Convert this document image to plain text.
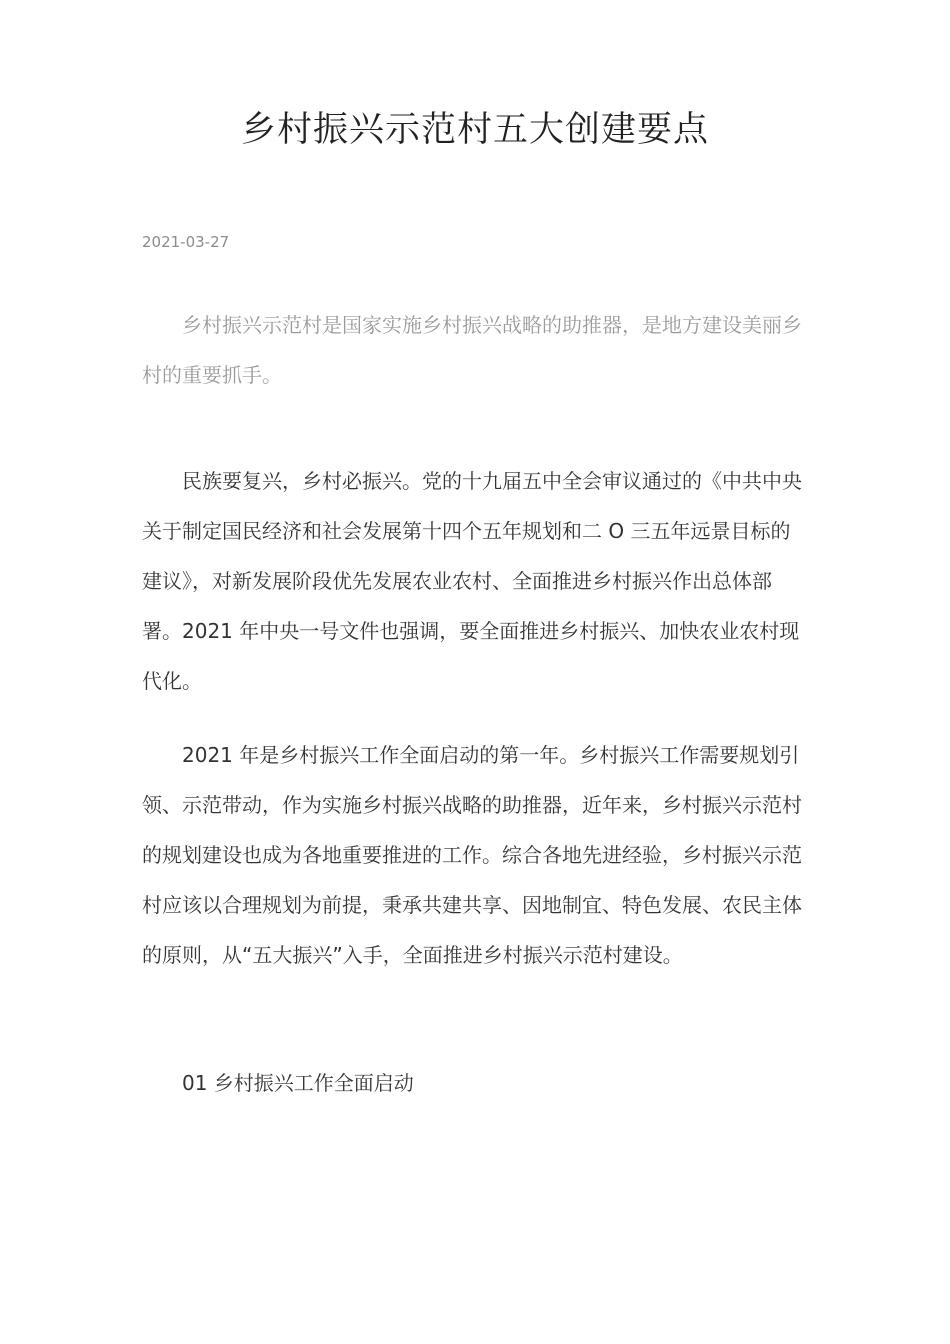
乡村振兴示范村五大创建要点

2021-03-27

乡村振兴示范村是国家实施乡村振兴战略的助推器，是地方建设美丽乡村的重要抓手。

民族要复兴，乡村必振兴。党的十九届五中全会审议通过的《中共中央关于制定国民经济和社会发展第十四个五年规划和二 O 三五年远景目标的建议》，对新发展阶段优先发展农业农村、全面推进乡村振兴作出总体部署。2021 年中央一号文件也强调，要全面推进乡村振兴、加快农业农村现代化。

2021 年是乡村振兴工作全面启动的第一年。乡村振兴工作需要规划引领、示范带动，作为实施乡村振兴战略的助推器，近年来，乡村振兴示范村的规划建设也成为各地重要推进的工作。综合各地先进经验，乡村振兴示范村应该以合理规划为前提，秉承共建共享、因地制宜、特色发展、农民主体的原则，从“五大振兴”入手，全面推进乡村振兴示范村建设。

01 乡村振兴工作全面启动
